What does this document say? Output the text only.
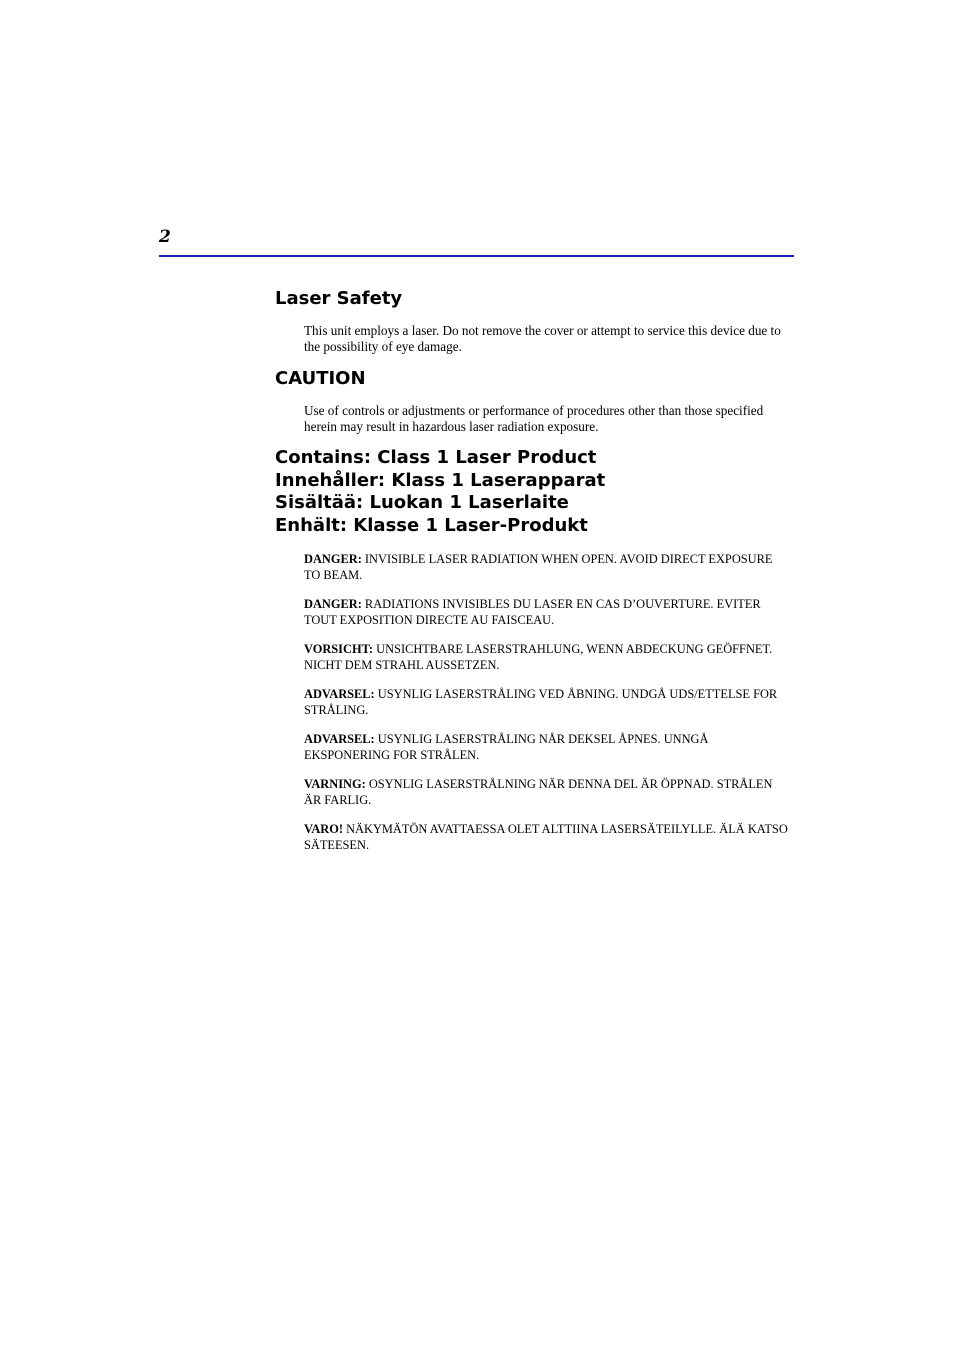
2
Laser Safety

This unit employs a laser. Do not remove the cover or attempt to service this device due to the possibility of eye damage.

CAUTION

Use of controls or adjustments or performance of procedures other than those specified herein may result in hazardous laser radiation exposure.

Contains: Class 1 Laser Product
Innehåller: Klass 1 Laserapparat
Sisältää: Luokan 1 Laserlaite
Enhält: Klasse 1 Laser-Produkt

DANGER: INVISIBLE LASER RADIATION WHEN OPEN. AVOID DIRECT EXPOSURE TO BEAM.

DANGER: RADIATIONS INVISIBLES DU LASER EN CAS D’OUVERTURE. EVITER TOUT EXPOSITION DIRECTE AU FAISCEAU.

VORSICHT: UNSICHTBARE LASERSTRAHLUNG, WENN ABDECKUNG GEÖFFNET. NICHT DEM STRAHL AUSSETZEN.

ADVARSEL: USYNLIG LASERSTRÅLING VED ÅBNING. UNDGÅ UDS/ETTELSE FOR STRÅLING.

ADVARSEL: USYNLIG LASERSTRÅLING NÅR DEKSEL ÅPNES. UNNGÅ EKSPONERING FOR STRÅLEN.

VARNING: OSYNLIG LASERSTRÅLNING NÄR DENNA DEL ÄR ÖPPNAD. STRÅLEN ÄR FARLIG.

VARO! NÄKYMÄTÖN AVATTAESSA OLET ALTTIINA LASERSÄTEILYLLE. ÄLÄ KATSO SÄTEESEN.
